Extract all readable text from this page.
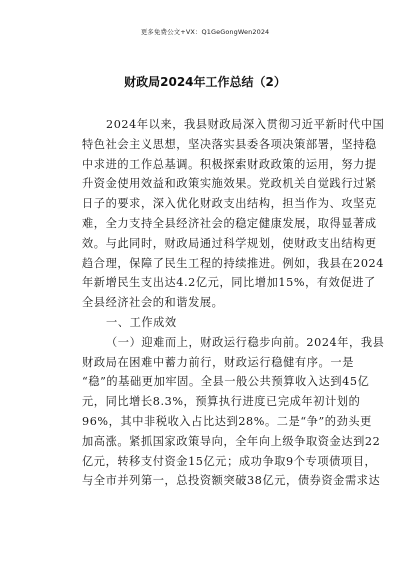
更多免费公文+VX：Q1GeGongWen2024
财政局2024年工作总结（2）
2024年以来，我县财政局深入贯彻习近平新时代中国
特色社会主义思想，坚决落实县委各项决策部署，坚持稳
中求进的工作总基调。积极探索财政政策的运用，努力提
升资金使用效益和政策实施效果。党政机关自觉践行过紧
日子的要求，深入优化财政支出结构，担当作为、攻坚克
难，全力支持全县经济社会的稳定健康发展，取得显著成
效。与此同时，财政局通过科学规划，使财政支出结构更
趋合理，保障了民生工程的持续推进。例如，我县在2024
年新增民生支出达4.2亿元，同比增加15%，有效促进了
全县经济社会的和谐发展。
一、工作成效
（一）迎难而上，财政运行稳步向前。2024年，我县
财政局在困难中蓄力前行，财政运行稳健有序。一是
“稳”的基础更加牢固。全县一般公共预算收入达到45亿
元，同比增长8.3%，预算执行进度已完成年初计划的
96%，其中非税收入占比达到28%。二是“争”的劲头更
加高涨。紧抓国家政策导向，全年向上级争取资金达到22
亿元，转移支付资金15亿元；成功争取9个专项债项目，
与全市并列第一，总投资额突破38亿元，债券资金需求达
